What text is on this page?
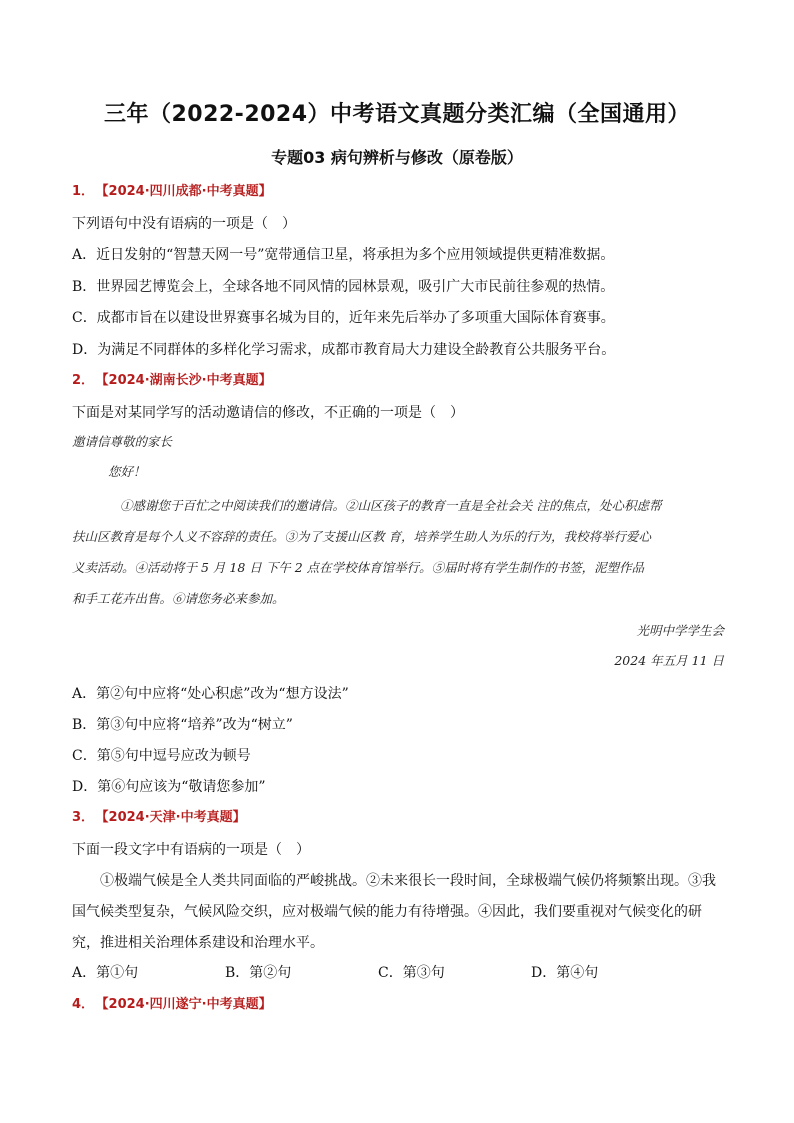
三年（2022-2024）中考语文真题分类汇编（全国通用）
专题03 病句辨析与修改（原卷版）
1． 【2024·四川成都·中考真题】
下列语句中没有语病的一项是（　）
A．近日发射的“智慧天网一号”宽带通信卫星，将承担为多个应用领域提供更精准数据。
B．世界园艺博览会上，全球各地不同风情的园林景观，吸引广大市民前往参观的热情。
C．成都市旨在以建设世界赛事名城为目的，近年来先后举办了多项重大国际体育赛事。
D．为满足不同群体的多样化学习需求，成都市教育局大力建设全龄教育公共服务平台。
2． 【2024·湖南长沙·中考真题】
下面是对某同学写的活动邀请信的修改，不正确的一项是（　）
邀请信尊敬的家长
您好！
①感谢您于百忙之中阅读我们的邀请信。②山区孩子的教育一直是全社会关 注的焦点，处心积虑帮
扶山区教育是每个人义不容辞的责任。③为了支援山区教 育，培养学生助人为乐的行为，我校将举行爱心
义卖活动。④活动将于 5 月 18 日 下午 2 点在学校体育馆举行。⑤届时将有学生制作的书签，泥塑作品
和手工花卉出售。⑥请您务必来参加。
光明中学学生会
2024 年五月 11 日
A．第②句中应将“处心积虑”改为“想方设法”
B．第③句中应将“培养”改为“树立”
C．第⑤句中逗号应改为顿号
D．第⑥句应该为“敬请您参加”
3． 【2024·天津·中考真题】
下面一段文字中有语病的一项是（　）
①极端气候是全人类共同面临的严峻挑战。②未来很长一段时间，全球极端气候仍将频繁出现。③我国气候类型复杂，气候风险交织，应对极端气候的能力有待增强。④因此，我们要重视对气候变化的研究，推进相关治理体系建设和治理水平。
A．第①句	B．第②句	C．第③句	D．第④句
4． 【2024·四川遂宁·中考真题】
